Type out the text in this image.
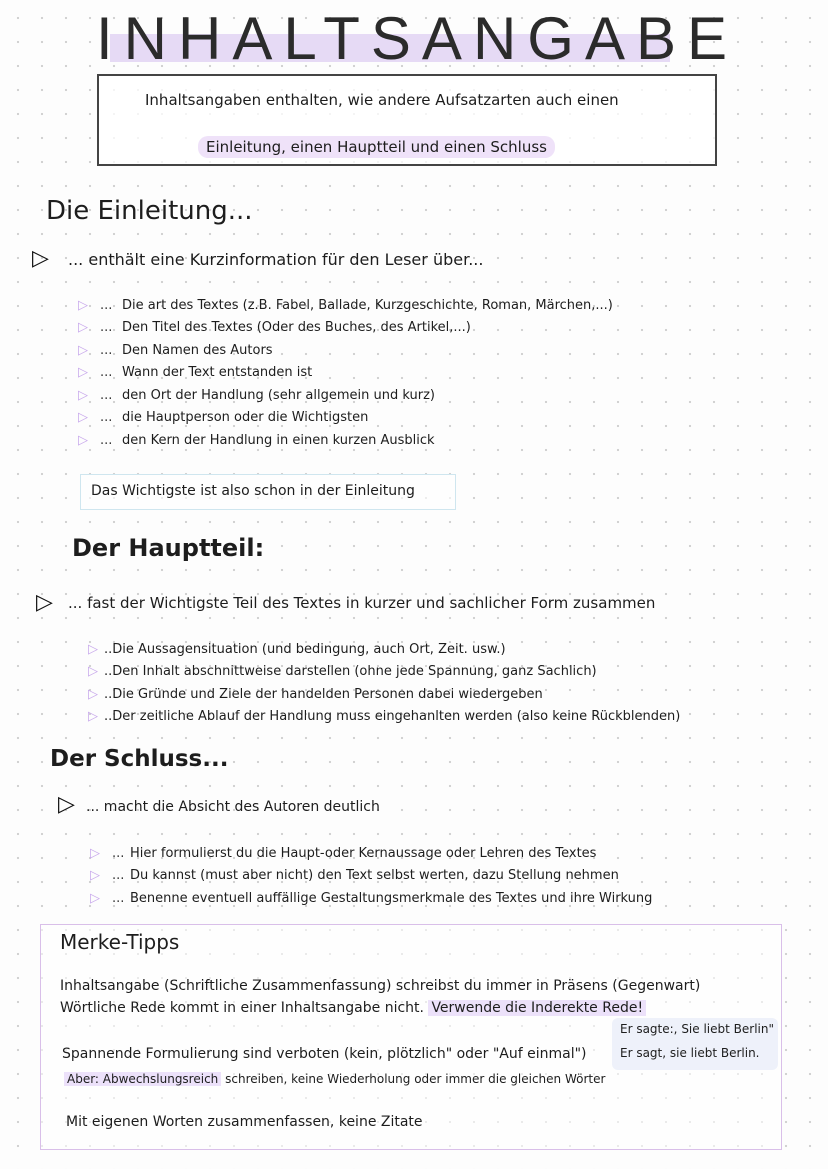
INHALTSANGABE
Inhaltsangaben enthalten, wie andere Aufsatzarten auch einen
Einleitung, einen Hauptteil und einen Schluss
Die Einleitung...
▷ ... enthält eine Kurzinformation für den Leser über...
▷ ... Die art des Textes (z.B. Fabel, Ballade, Kurzgeschichte, Roman, Märchen,...)
▷ ... Den Titel des Textes (Oder des Buches, des Artikel,...)
▷ ... Den Namen des Autors
▷ ... Wann der Text entstanden ist
▷ ... den Ort der Handlung (sehr allgemein und kurz)
▷ ... die Hauptperson oder die Wichtigsten
▷ ... den Kern der Handlung in einen kurzen Ausblick
Das Wichtigste ist also schon in der Einleitung
Der Hauptteil:
▷ ... fast der Wichtigste Teil des Textes in kurzer und sachlicher Form zusammen
▷ ..Die Aussagensituation (und bedingung, auch Ort, Zeit. usw.)
▷ ..Den Inhalt abschnittweise darstellen (ohne jede Spannung, ganz Sachlich)
▷ ..Die Gründe und Ziele der handelden Personen dabei wiedergeben
▷ ..Der zeitliche Ablauf der Handlung muss eingehanlten werden (also keine Rückblenden)
Der Schluss...
▷ ... macht die Absicht des Autoren deutlich
▷ ... Hier formulierst du die Haupt-oder Kernaussage oder Lehren des Textes
▷ ... Du kannst (must aber nicht) den Text selbst werten, dazu Stellung nehmen
▷ ... Benenne eventuell auffällige Gestaltungsmerkmale des Textes und ihre Wirkung
Merke-Tipps
Inhaltsangabe (Schriftliche Zusammenfassung) schreibst du immer in Präsens (Gegenwart)
Wörtliche Rede kommt in einer Inhaltsangabe nicht. Verwende die Inderekte Rede!
Er sagte:, Sie liebt Berlin"
Er sagt, sie liebt Berlin.
Spannende Formulierung sind verboten (kein, plötzlich" oder "Auf einmal")
Aber: Abwechslungsreich schreiben, keine Wiederholung oder immer die gleichen Wörter
Mit eigenen Worten zusammenfassen, keine Zitate
